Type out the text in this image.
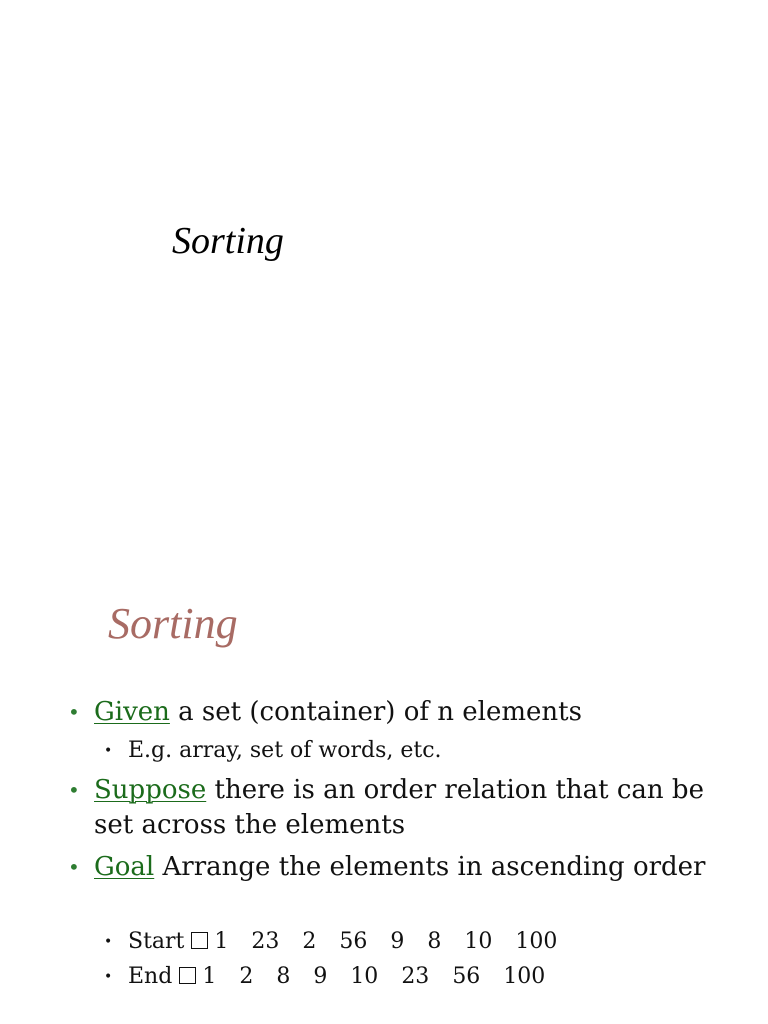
Sorting
Sorting
• Given a set (container) of n elements
• E.g. array, set of words, etc.
• Suppose there is an order relation that can be set across the elements
• Goal Arrange the elements in ascending order
• Start 1 23 2 56 9 8 10 100
• End 1 2 8 9 10 23 56 100
